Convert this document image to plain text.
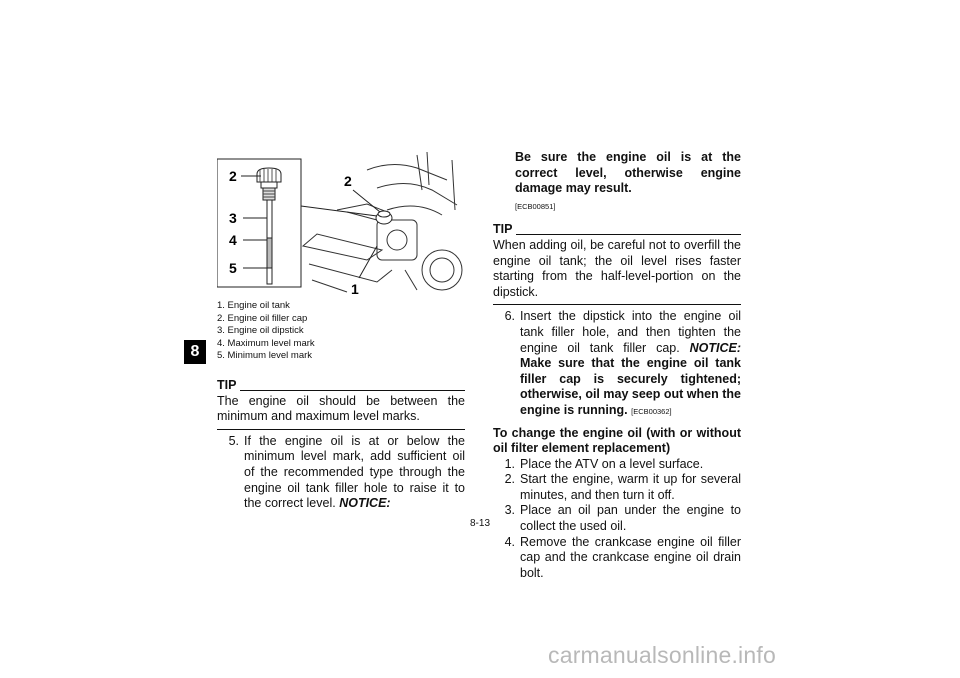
8
2
3
4
5
2
1
1. Engine oil tank
2. Engine oil filler cap
3. Engine oil dipstick
4. Maximum level mark
5. Minimum level mark
TIP
The engine oil should be between the minimum and maximum level marks.
5. If the engine oil is at or below the minimum level mark, add sufficient oil of the recommended type through the engine oil tank filler hole to raise it to the correct level. NOTICE:
Be sure the engine oil is at the correct level, otherwise engine damage may result.
[ECB00851]
TIP
When adding oil, be careful not to overfill the engine oil tank; the oil level rises faster starting from the half-level-portion on the dipstick.
6. Insert the dipstick into the engine oil tank filler hole, and then tighten the engine oil tank filler cap. NOTICE: Make sure that the engine oil tank filler cap is securely tightened; otherwise, oil may seep out when the engine is running. [ECB00362]
To change the engine oil (with or without oil filter element replacement)
1. Place the ATV on a level surface.
2. Start the engine, warm it up for several minutes, and then turn it off.
3. Place an oil pan under the engine to collect the used oil.
4. Remove the crankcase engine oil filler cap and the crankcase engine oil drain bolt.
8-13
carmanualsonline.info
